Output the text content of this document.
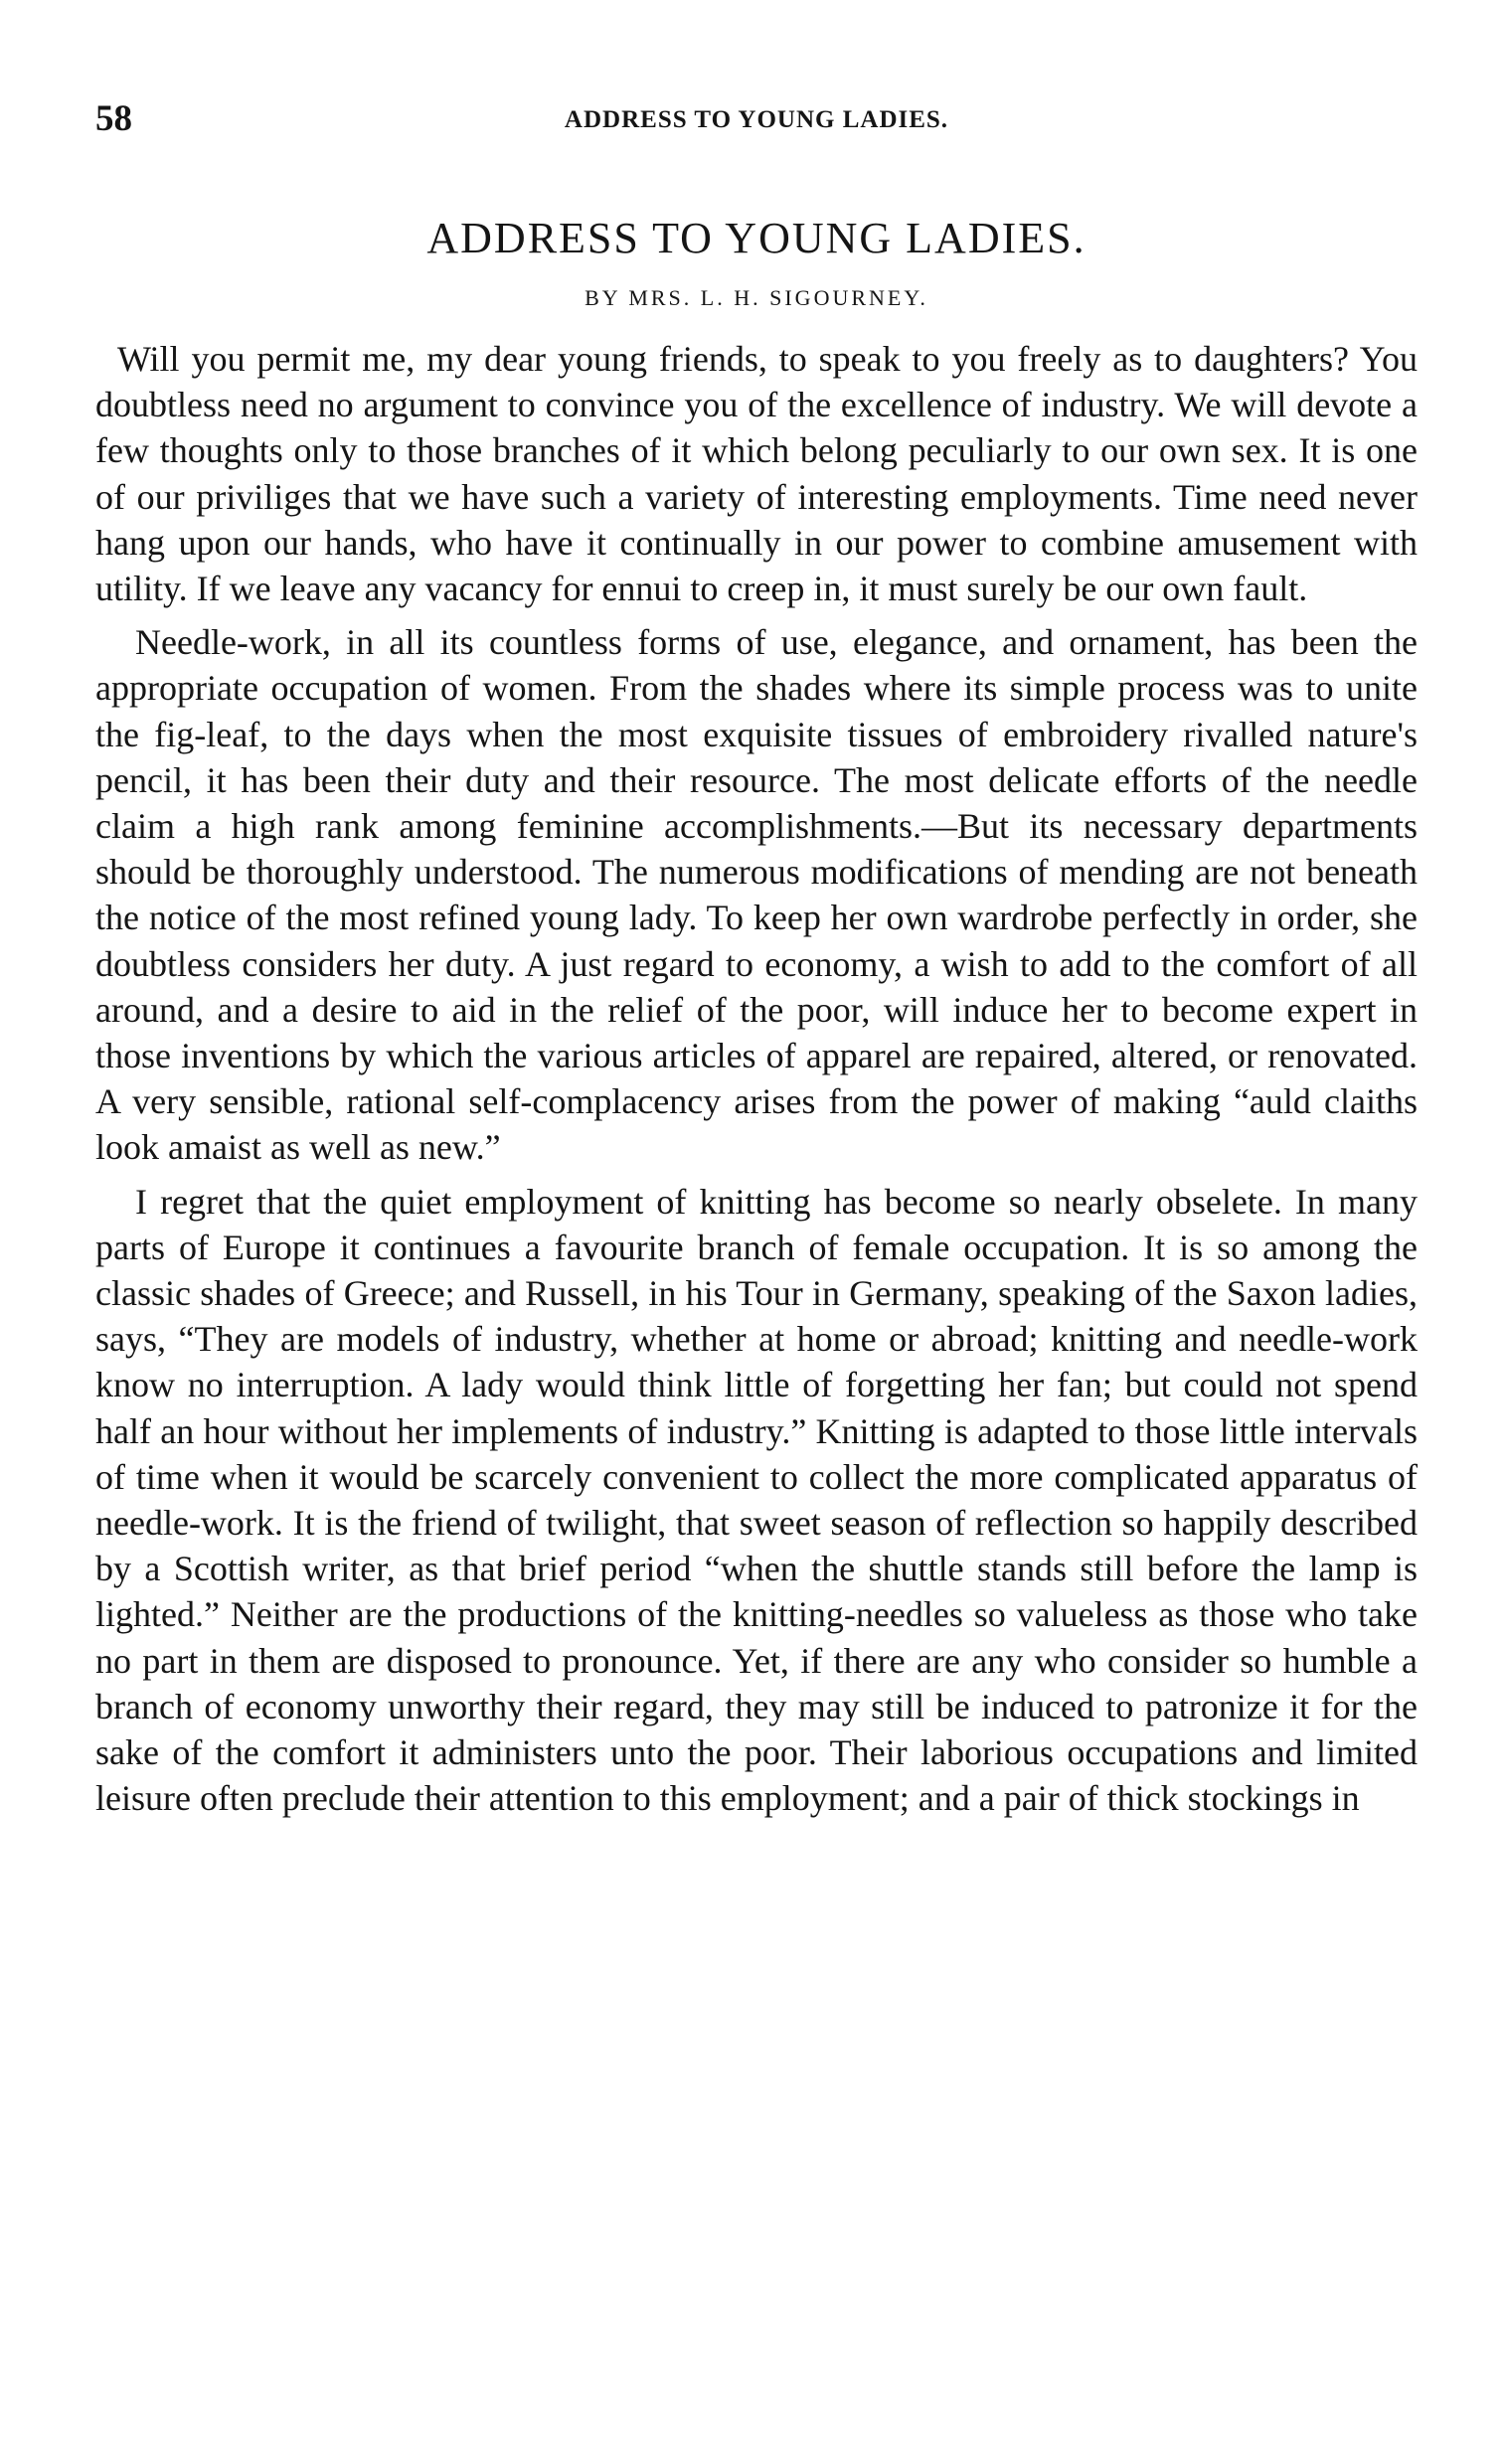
58	ADDRESS TO YOUNG LADIES.
ADDRESS TO YOUNG LADIES.
BY MRS. L. H. SIGOURNEY.

Will you permit me, my dear young friends, to speak to you freely as to daughters? You doubtless need no argument to convince you of the excellence of industry. We will devote a few thoughts only to those branches of it which belong peculiarly to our own sex. It is one of our priviliges that we have such a variety of interesting employments. Time need never hang upon our hands, who have it continually in our power to combine amusement with utility. If we leave any vacancy for ennui to creep in, it must surely be our own fault.

Needle-work, in all its countless forms of use, elegance, and ornament, has been the appropriate occupation of women. From the shades where its simple process was to unite the fig-leaf, to the days when the most exquisite tissues of embroidery rivalled nature's pencil, it has been their duty and their resource. The most delicate efforts of the needle claim a high rank among feminine accomplishments.—But its necessary departments should be thoroughly understood. The numerous modifications of mending are not beneath the notice of the most refined young lady. To keep her own wardrobe perfectly in order, she doubtless considers her duty. A just regard to economy, a wish to add to the comfort of all around, and a desire to aid in the relief of the poor, will induce her to become expert in those inventions by which the various articles of apparel are repaired, altered, or renovated. A very sensible, rational self-complacency arises from the power of making “auld claiths look amaist as well as new.”

I regret that the quiet employment of knitting has become so nearly obselete. In many parts of Europe it continues a favourite branch of female occupation. It is so among the classic shades of Greece; and Russell, in his Tour in Germany, speaking of the Saxon ladies, says, “They are models of industry, whether at home or abroad; knitting and needle-work know no interruption. A lady would think little of forgetting her fan; but could not spend half an hour without her implements of industry.” Knitting is adapted to those little intervals of time when it would be scarcely convenient to collect the more complicated apparatus of needle-work. It is the friend of twilight, that sweet season of reflection so happily described by a Scottish writer, as that brief period “when the shuttle stands still before the lamp is lighted.” Neither are the productions of the knitting-needles so valueless as those who take no part in them are disposed to pronounce. Yet, if there are any who consider so humble a branch of economy unworthy their regard, they may still be induced to patronize it for the sake of the comfort it administers unto the poor. Their laborious occupations and limited leisure often preclude their attention to this employment; and a pair of thick stockings in
